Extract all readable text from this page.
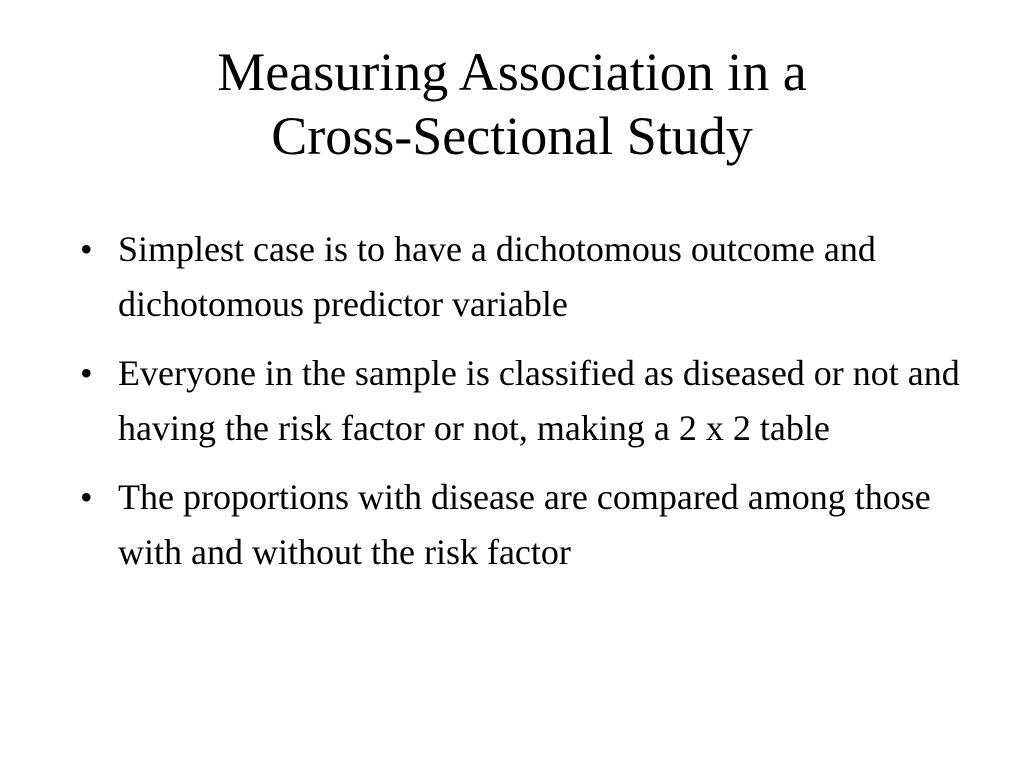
Measuring Association in a
Cross-Sectional Study
• Simplest case is to have a dichotomous outcome and dichotomous predictor variable
• Everyone in the sample is classified as diseased or not and having the risk factor or not, making a 2 x 2 table
• The proportions with disease are compared among those with and without the risk factor
